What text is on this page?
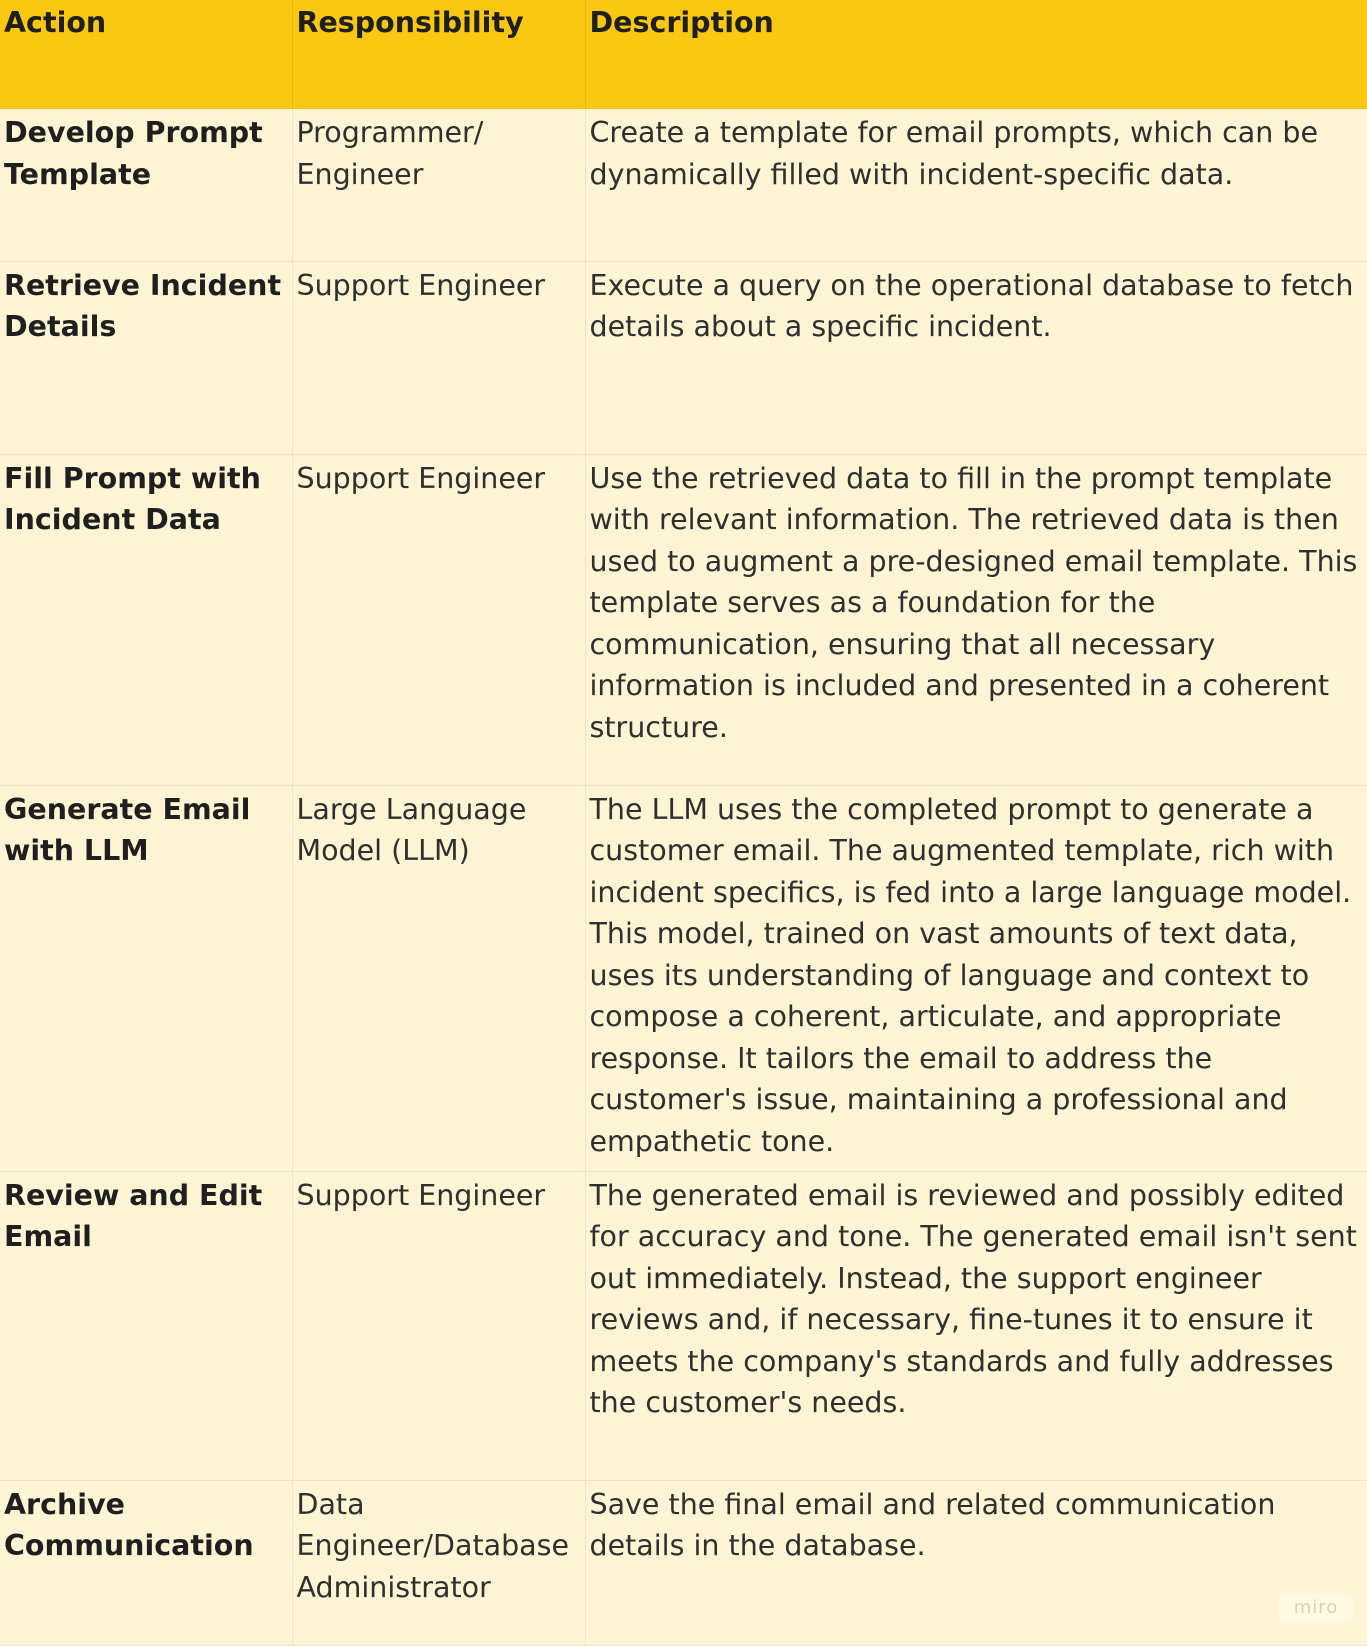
Action	Responsibility	Description
Develop Prompt Template	Programmer/ Engineer	Create a template for email prompts, which can be dynamically filled with incident-specific data.
Retrieve Incident Details	Support Engineer	Execute a query on the operational database to fetch details about a specific incident.
Fill Prompt with Incident Data	Support Engineer	Use the retrieved data to fill in the prompt template with relevant information. The retrieved data is then used to augment a pre-designed email template. This template serves as a foundation for the communication, ensuring that all necessary information is included and presented in a coherent structure.
Generate Email with LLM	Large Language Model (LLM)	The LLM uses the completed prompt to generate a customer email. The augmented template, rich with incident specifics, is fed into a large language model. This model, trained on vast amounts of text data, uses its understanding of language and context to compose a coherent, articulate, and appropriate response. It tailors the email to address the customer's issue, maintaining a professional and empathetic tone.
Review and Edit Email	Support Engineer	The generated email is reviewed and possibly edited for accuracy and tone. The generated email isn't sent out immediately. Instead, the support engineer reviews and, if necessary, fine-tunes it to ensure it meets the company's standards and fully addresses the customer's needs.
Archive Communication	Data Engineer/Database Administrator	Save the final email and related communication details in the database.
miro
